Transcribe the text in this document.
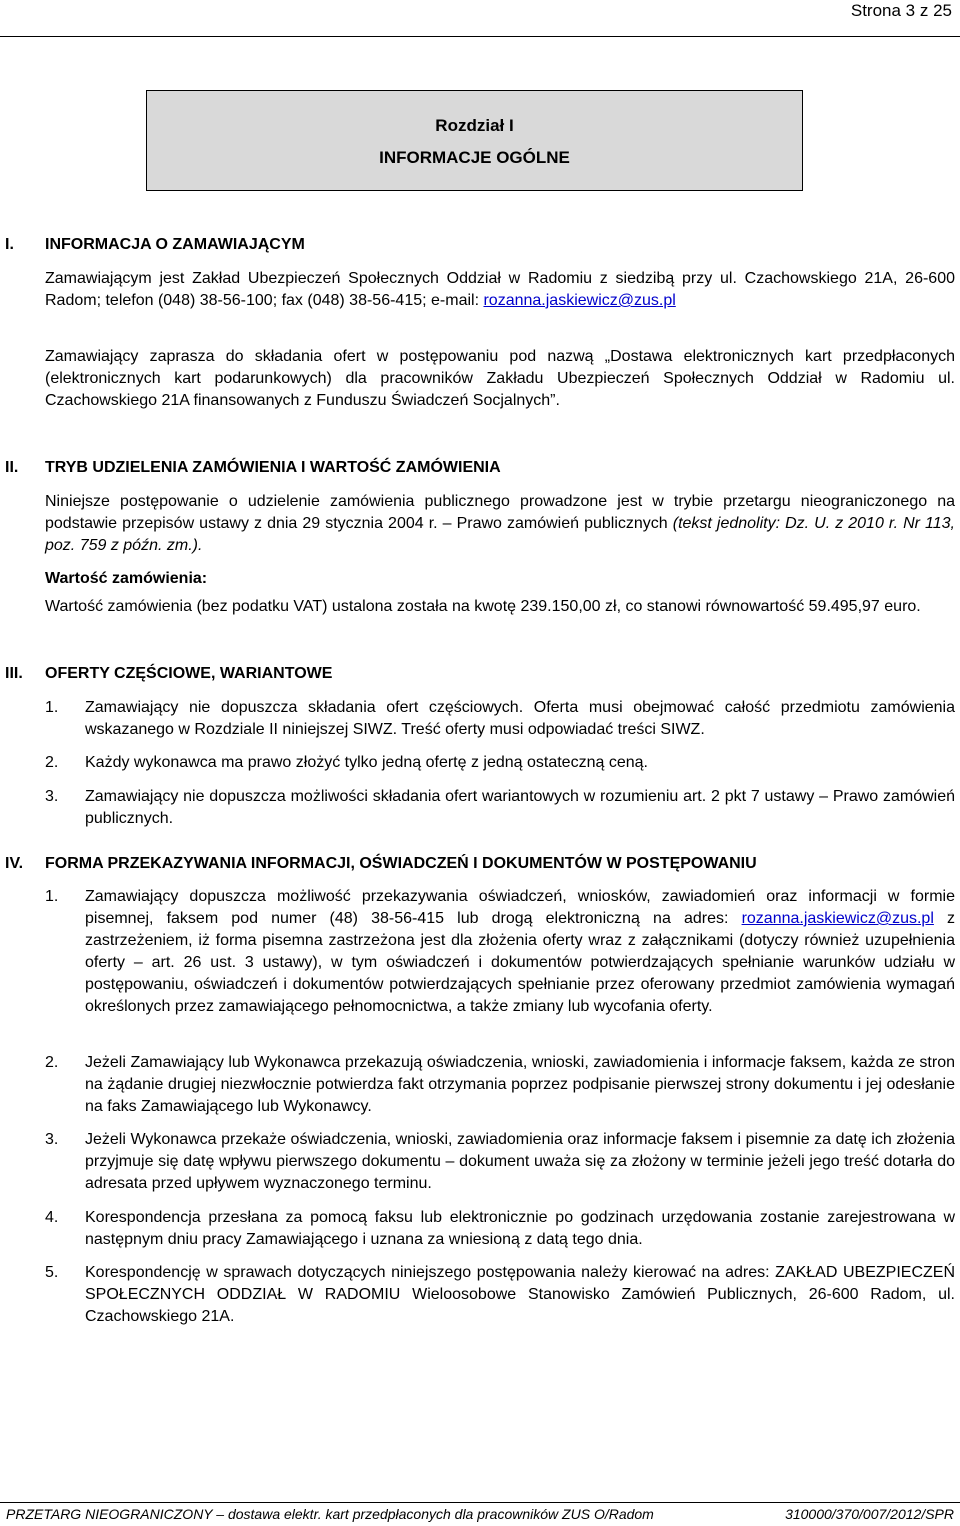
Strona 3 z 25
Rozdział I
INFORMACJE OGÓLNE
I. INFORMACJA O ZAMAWIAJĄCYM
Zamawiającym jest Zakład Ubezpieczeń Społecznych Oddział w Radomiu z siedzibą przy ul. Czachowskiego 21A, 26-600 Radom; telefon (048) 38-56-100; fax (048) 38-56-415; e-mail: rozanna.jaskiewicz@zus.pl
Zamawiający zaprasza do składania ofert w postępowaniu pod nazwą „Dostawa elektronicznych kart przedpłaconych (elektronicznych kart podarunkowych) dla pracowników Zakładu Ubezpieczeń Społecznych Oddział w Radomiu ul. Czachowskiego 21A finansowanych z Funduszu Świadczeń Socjalnych”.
II. TRYB UDZIELENIA ZAMÓWIENIA I WARTOŚĆ ZAMÓWIENIA
Niniejsze postępowanie o udzielenie zamówienia publicznego prowadzone jest w trybie przetargu nieograniczonego na podstawie przepisów ustawy z dnia 29 stycznia 2004 r. – Prawo zamówień publicznych (tekst jednolity: Dz. U. z 2010 r. Nr 113, poz. 759 z późn. zm.).
Wartość zamówienia:
Wartość zamówienia (bez podatku VAT) ustalona została na kwotę 239.150,00 zł, co stanowi równowartość 59.495,97 euro.
III. OFERTY CZĘŚCIOWE, WARIANTOWE
1. Zamawiający nie dopuszcza składania ofert częściowych. Oferta musi obejmować całość przedmiotu zamówienia wskazanego w Rozdziale II niniejszej SIWZ. Treść oferty musi odpowiadać treści SIWZ.
2. Każdy wykonawca ma prawo złożyć tylko jedną ofertę z jedną ostateczną ceną.
3. Zamawiający nie dopuszcza możliwości składania ofert wariantowych w rozumieniu art. 2 pkt 7 ustawy – Prawo zamówień publicznych.
IV. FORMA PRZEKAZYWANIA INFORMACJI, OŚWIADCZEŃ I DOKUMENTÓW W POSTĘPOWANIU
1. Zamawiający dopuszcza możliwość przekazywania oświadczeń, wniosków, zawiadomień oraz informacji w formie pisemnej, faksem pod numer (48) 38-56-415 lub drogą elektroniczną na adres: rozanna.jaskiewicz@zus.pl z zastrzeżeniem, iż forma pisemna zastrzeżona jest dla złożenia oferty wraz z załącznikami (dotyczy również uzupełnienia oferty – art. 26 ust. 3 ustawy), w tym oświadczeń i dokumentów potwierdzających spełnianie warunków udziału w postępowaniu, oświadczeń i dokumentów potwierdzających spełnianie przez oferowany przedmiot zamówienia wymagań określonych przez zamawiającego pełnomocnictwa, a także zmiany lub wycofania oferty.
2. Jeżeli Zamawiający lub Wykonawca przekazują oświadczenia, wnioski, zawiadomienia i informacje faksem, każda ze stron na żądanie drugiej niezwłocznie potwierdza fakt otrzymania poprzez podpisanie pierwszej strony dokumentu i jej odesłanie na faks Zamawiającego lub Wykonawcy.
3. Jeżeli Wykonawca przekaże oświadczenia, wnioski, zawiadomienia oraz informacje faksem i pisemnie za datę ich złożenia przyjmuje się datę wpływu pierwszego dokumentu – dokument uważa się za złożony w terminie jeżeli jego treść dotarła do adresata przed upływem wyznaczonego terminu.
4. Korespondencja przesłana za pomocą faksu lub elektronicznie po godzinach urzędowania zostanie zarejestrowana w następnym dniu pracy Zamawiającego i uznana za wniesioną z datą tego dnia.
5. Korespondencję w sprawach dotyczących niniejszego postępowania należy kierować na adres: ZAKŁAD UBEZPIECZEŃ SPOŁECZNYCH ODDZIAŁ W RADOMIU Wieloosobowe Stanowisko Zamówień Publicznych, 26-600 Radom, ul. Czachowskiego 21A.
PRZETARG NIEOGRANICZONY – dostawa elektr. kart przedpłaconych dla pracowników ZUS O/Radom	310000/370/007/2012/SPR
